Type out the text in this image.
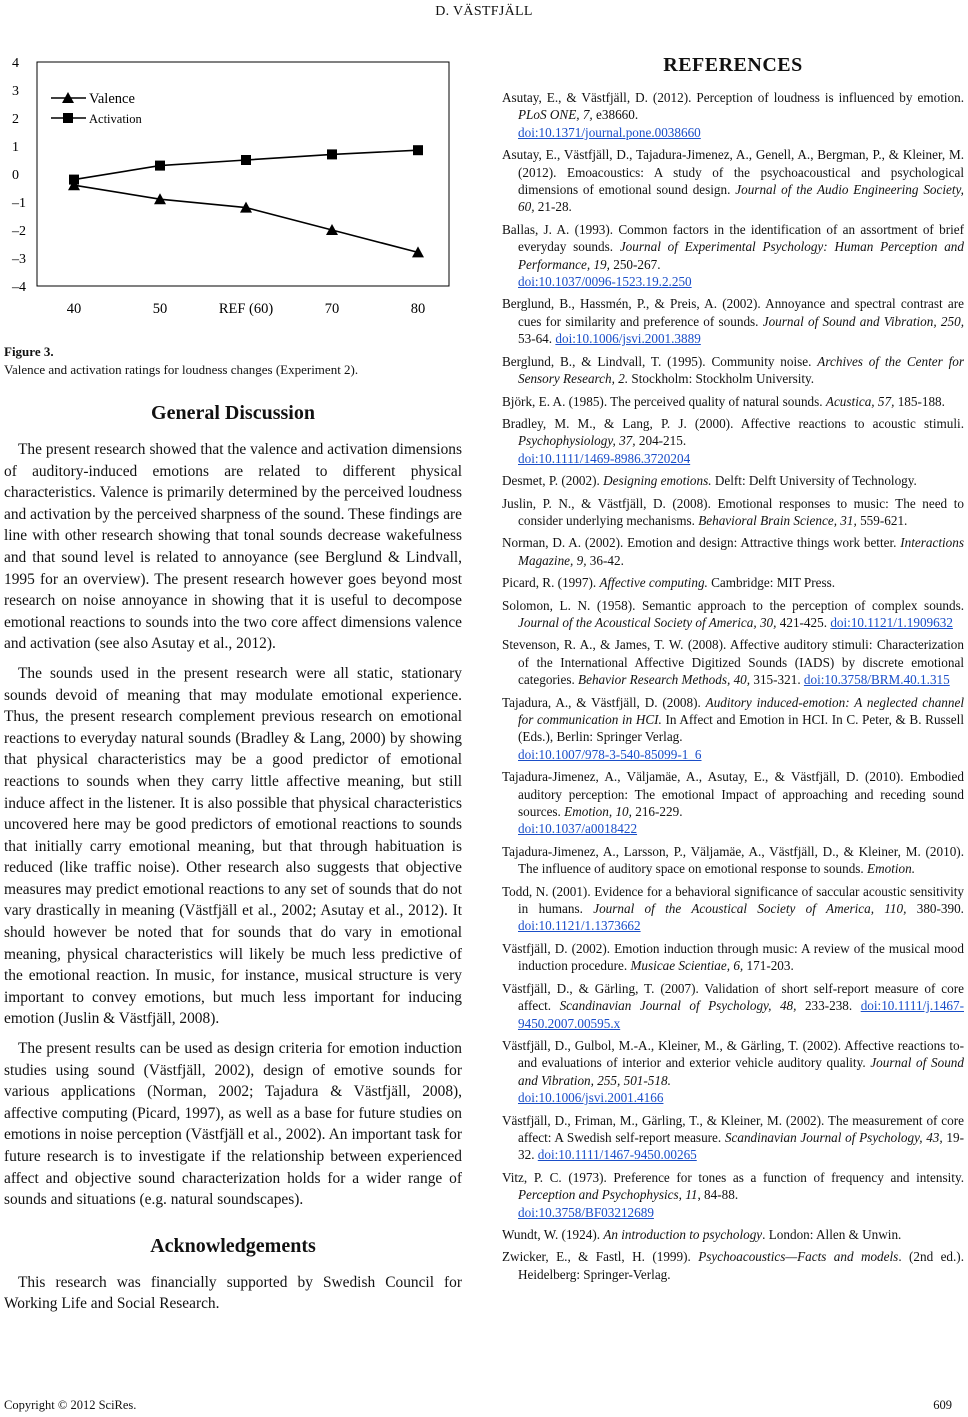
D. VÄSTFJÄLL
4
3
2
1
0
–1
–2
–3
–4
40	50	REF (60)	70	80
Valence
Activation
Figure 3.
Valence and activation ratings for loudness changes (Experiment 2).
General Discussion

The present research showed that the valence and activation dimensions of auditory-induced emotions are related to different physical characteristics. Valence is primarily determined by the perceived loudness and activation by the perceived sharpness of the sound. These findings are line with other research showing that tonal sounds decrease wakefulness and that sound level is related to annoyance (see Berglund & Lindvall, 1995 for an overview). The present research however goes beyond most research on noise annoyance in showing that it is useful to decompose emotional reactions to sounds into the two core affect dimensions valence and activation (see also Asutay et al., 2012).

The sounds used in the present research were all static, stationary sounds devoid of meaning that may modulate emotional experience. Thus, the present research complement previous research on emotional reactions to everyday natural sounds (Bradley & Lang, 2000) by showing that physical characteristics may be a good predictor of emotional reactions to sounds when they carry little affective meaning, but still induce affect in the listener. It is also possible that physical characteristics uncovered here may be good predictors of emotional reactions to sounds that initially carry emotional meaning, but that through habituation is reduced (like traffic noise). Other research also suggests that objective measures may predict emotional reactions to any set of sounds that do not vary drastically in meaning (Västfjäll et al., 2002; Asutay et al., 2012). It should however be noted that for sounds that do vary in emotional meaning, physical characteristics will likely be much less predictive of the emotional reaction. In music, for instance, musical structure is very important to convey emotions, but much less important for inducing emotion (Juslin & Västfjäll, 2008).

The present results can be used as design criteria for emotion induction studies using sound (Västfjäll, 2002), design of emotive sounds for various applications (Norman, 2002; Tajadura & Västfjäll, 2008), affective computing (Picard, 1997), as well as a base for future studies on emotions in noise perception (Västfjäll et al., 2002). An important task for future research is to investigate if the relationship between experienced affect and objective sound characterization holds for a wider range of sounds and situations (e.g. natural soundscapes).

Acknowledgements

This research was financially supported by Swedish Council for Working Life and Social Research.

REFERENCES
Asutay, E., & Västfjäll, D. (2012). Perception of loudness is influenced by emotion. PLoS ONE, 7, e38660.
doi:10.1371/journal.pone.0038660
Asutay, E., Västfjäll, D., Tajadura-Jimenez, A., Genell, A., Bergman, P., & Kleiner, M. (2012). Emoacoustics: A study of the psychoacoustical and psychological dimensions of emotional sound design. Journal of the Audio Engineering Society, 60, 21-28.
Ballas, J. A. (1993). Common factors in the identification of an assortment of brief everyday sounds. Journal of Experimental Psychology: Human Perception and Performance, 19, 250-267.
doi:10.1037/0096-1523.19.2.250
Berglund, B., Hassmén, P., & Preis, A. (2002). Annoyance and spectral contrast are cues for similarity and preference of sounds. Journal of Sound and Vibration, 250, 53-64. doi:10.1006/jsvi.2001.3889
Berglund, B., & Lindvall, T. (1995). Community noise. Archives of the Center for Sensory Research, 2. Stockholm: Stockholm University.
Björk, E. A. (1985). The perceived quality of natural sounds. Acustica, 57, 185-188.
Bradley, M. M., & Lang, P. J. (2000). Affective reactions to acoustic stimuli. Psychophysiology, 37, 204-215.
doi:10.1111/1469-8986.3720204
Desmet, P. (2002). Designing emotions. Delft: Delft University of Technology.
Juslin, P. N., & Västfjäll, D. (2008). Emotional responses to music: The need to consider underlying mechanisms. Behavioral Brain Science, 31, 559-621.
Norman, D. A. (2002). Emotion and design: Attractive things work better. Interactions Magazine, 9, 36-42.
Picard, R. (1997). Affective computing. Cambridge: MIT Press.
Solomon, L. N. (1958). Semantic approach to the perception of complex sounds. Journal of the Acoustical Society of America, 30, 421-425. doi:10.1121/1.1909632
Stevenson, R. A., & James, T. W. (2008). Affective auditory stimuli: Characterization of the International Affective Digitized Sounds (IADS) by discrete emotional categories. Behavior Research Methods, 40, 315-321. doi:10.3758/BRM.40.1.315
Tajadura, A., & Västfjäll, D. (2008). Auditory induced-emotion: A neglected channel for communication in HCI. In Affect and Emotion in HCI. In C. Peter, & B. Russell (Eds.), Berlin: Springer Verlag.
doi:10.1007/978-3-540-85099-1_6
Tajadura-Jimenez, A., Väljamäe, A., Asutay, E., & Västfjäll, D. (2010). Embodied auditory perception: The emotional Impact of approaching and receding sound sources. Emotion, 10, 216-229.
doi:10.1037/a0018422
Tajadura-Jimenez, A., Larsson, P., Väljamäe, A., Västfjäll, D., & Kleiner, M. (2010). The influence of auditory space on emotional response to sounds. Emotion.
Todd, N. (2001). Evidence for a behavioral significance of saccular acoustic sensitivity in humans. Journal of the Acoustical Society of America, 110, 380-390. doi:10.1121/1.1373662
Västfjäll, D. (2002). Emotion induction through music: A review of the musical mood induction procedure. Musicae Scientiae, 6, 171-203.
Västfjäll, D., & Gärling, T. (2007). Validation of short self-report measure of core affect. Scandinavian Journal of Psychology, 48, 233-238. doi:10.1111/j.1467-9450.2007.00595.x
Västfjäll, D., Gulbol, M.-A., Kleiner, M., & Gärling, T. (2002). Affective reactions to- and evaluations of interior and exterior vehicle auditory quality. Journal of Sound and Vibration, 255, 501-518.
doi:10.1006/jsvi.2001.4166
Västfjäll, D., Friman, M., Gärling, T., & Kleiner, M. (2002). The measurement of core affect: A Swedish self-report measure. Scandinavian Journal of Psychology, 43, 19-32. doi:10.1111/1467-9450.00265
Vitz, P. C. (1973). Preference for tones as a function of frequency and intensity. Perception and Psychophysics, 11, 84-88.
doi:10.3758/BF03212689
Wundt, W. (1924). An introduction to psychology. London: Allen & Unwin.
Zwicker, E., & Fastl, H. (1999). Psychoacoustics—Facts and models. (2nd ed.). Heidelberg: Springer-Verlag.
Copyright © 2012 SciRes.	609
